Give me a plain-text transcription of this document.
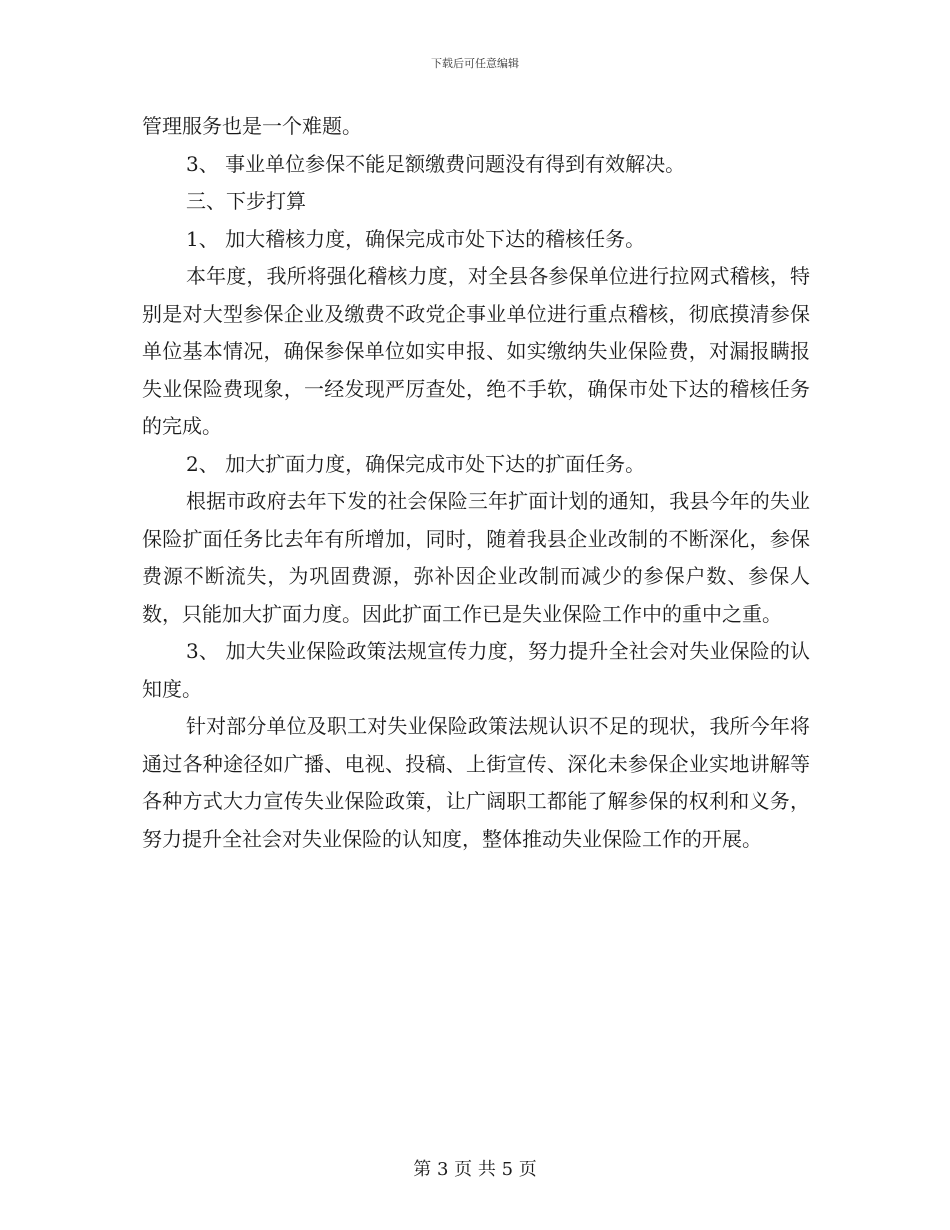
下载后可任意编辑

管理服务也是一个难题。

3、 事业单位参保不能足额缴费问题没有得到有效解决。

三、下步打算

1、 加大稽核力度，确保完成市处下达的稽核任务。

本年度，我所将强化稽核力度，对全县各参保单位进行拉网式稽核，特别是对大型参保企业及缴费不政党企事业单位进行重点稽核，彻底摸清参保单位基本情况，确保参保单位如实申报、如实缴纳失业保险费，对漏报瞒报失业保险费现象，一经发现严厉查处，绝不手软，确保市处下达的稽核任务的完成。

2、 加大扩面力度，确保完成市处下达的扩面任务。

根据市政府去年下发的社会保险三年扩面计划的通知，我县今年的失业保险扩面任务比去年有所增加，同时，随着我县企业改制的不断深化，参保费源不断流失，为巩固费源，弥补因企业改制而减少的参保户数、参保人数，只能加大扩面力度。因此扩面工作已是失业保险工作中的重中之重。

3、 加大失业保险政策法规宣传力度，努力提升全社会对失业保险的认知度。

针对部分单位及职工对失业保险政策法规认识不足的现状，我所今年将通过各种途径如广播、电视、投稿、上街宣传、深化未参保企业实地讲解等各种方式大力宣传失业保险政策，让广阔职工都能了解参保的权利和义务，努力提升全社会对失业保险的认知度，整体推动失业保险工作的开展。

第 3 页 共 5 页
